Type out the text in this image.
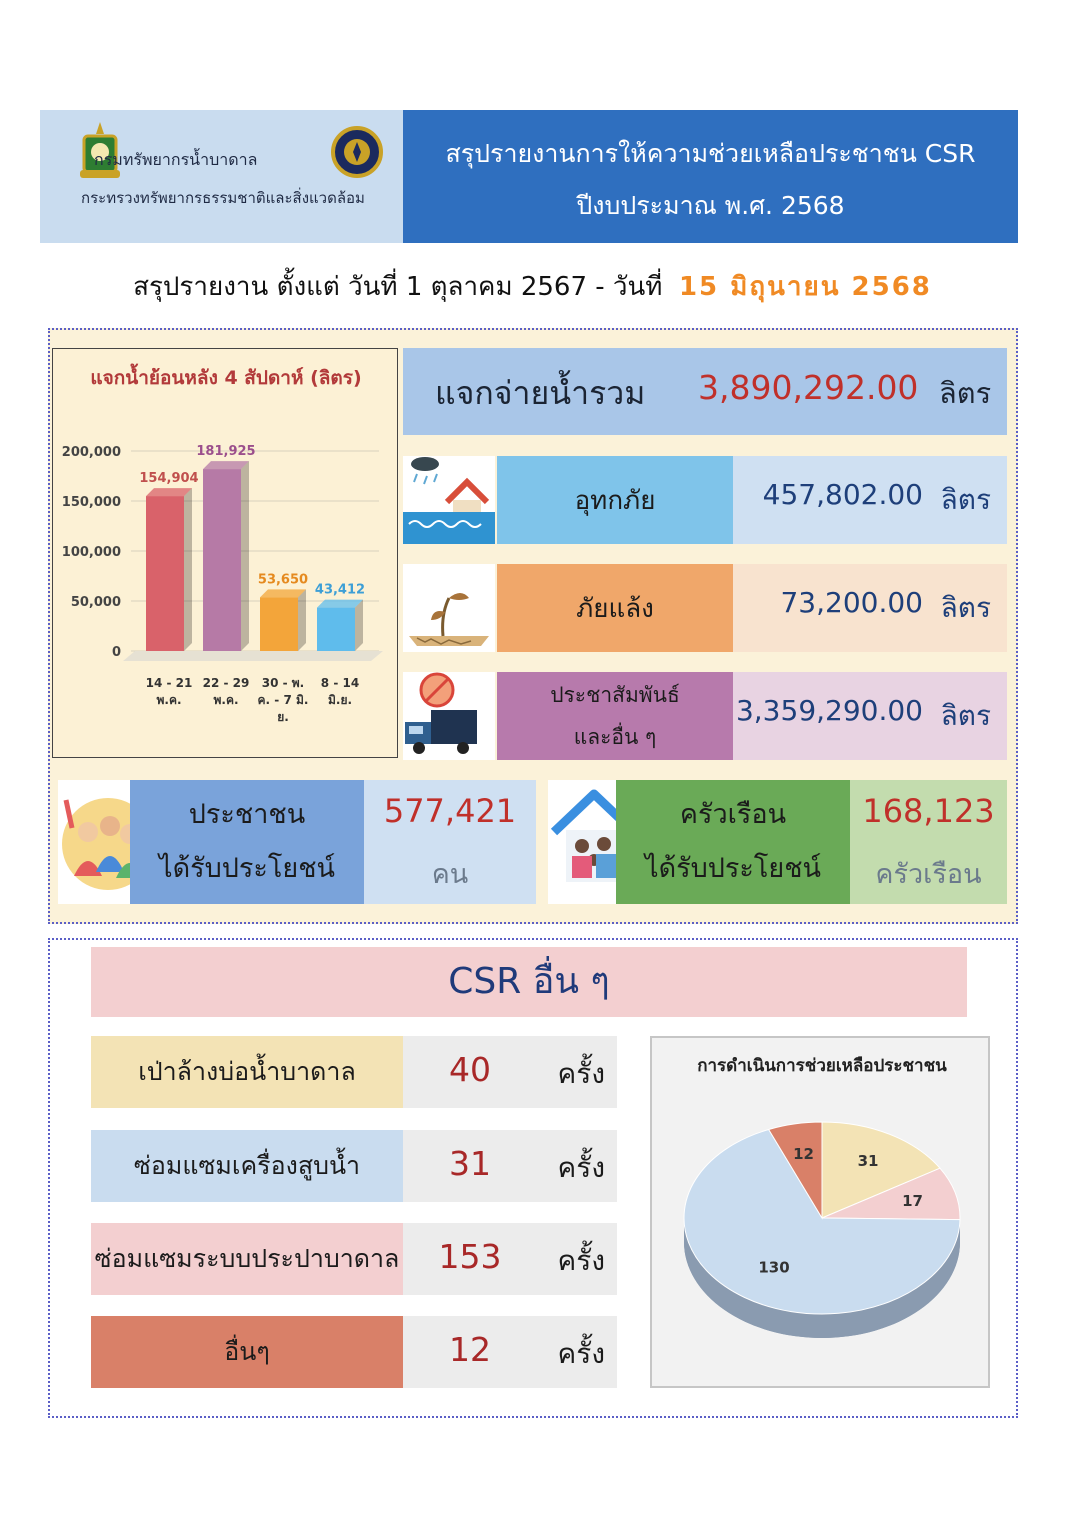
กรมทรัพยากรน้ำบาดาล
กระทรวงทรัพยากรธรรมชาติและสิ่งแวดล้อม
สรุปรายงานการให้ความช่วยเหลือประชาชน CSR
ปีงบประมาณ พ.ศ. 2568
สรุปรายงาน ตั้งแต่ วันที่ 1 ตุลาคม 2567 - วันที่ 15 มิถุนายน 2568
แจกน้ำย้อนหลัง 4 สัปดาห์ (ลิตร)
0
50,000
100,000
150,000
200,000
154,904
14 - 21
พ.ค.
181,925
22 - 29
พ.ค.
53,650
30 - พ.
ค. - 7 มิ.
ย.
43,412
8 - 14
มิ.ย.
แจกจ่ายน้ำรวม 3,890,292.00 ลิตร
อุทกภัย	457,802.00 ลิตร
ภัยแล้ง	73,200.00 ลิตร
ประชาสัมพันธ์
และอื่น ๆ
3,359,290.00 ลิตร
ประชาชน
ได้รับประโยชน์
577,421
คน
ครัวเรือน
ได้รับประโยชน์
168,123
ครัวเรือน
CSR อื่น ๆ
เป่าล้างบ่อน้ำบาดาล	40	ครั้ง
ซ่อมแซมเครื่องสูบน้ำ	31	ครั้ง
ซ่อมแซมระบบประปาบาดาล	153	ครั้ง
อื่นๆ	12	ครั้ง
การดำเนินการช่วยเหลือประชาชน
31
17
130
12
